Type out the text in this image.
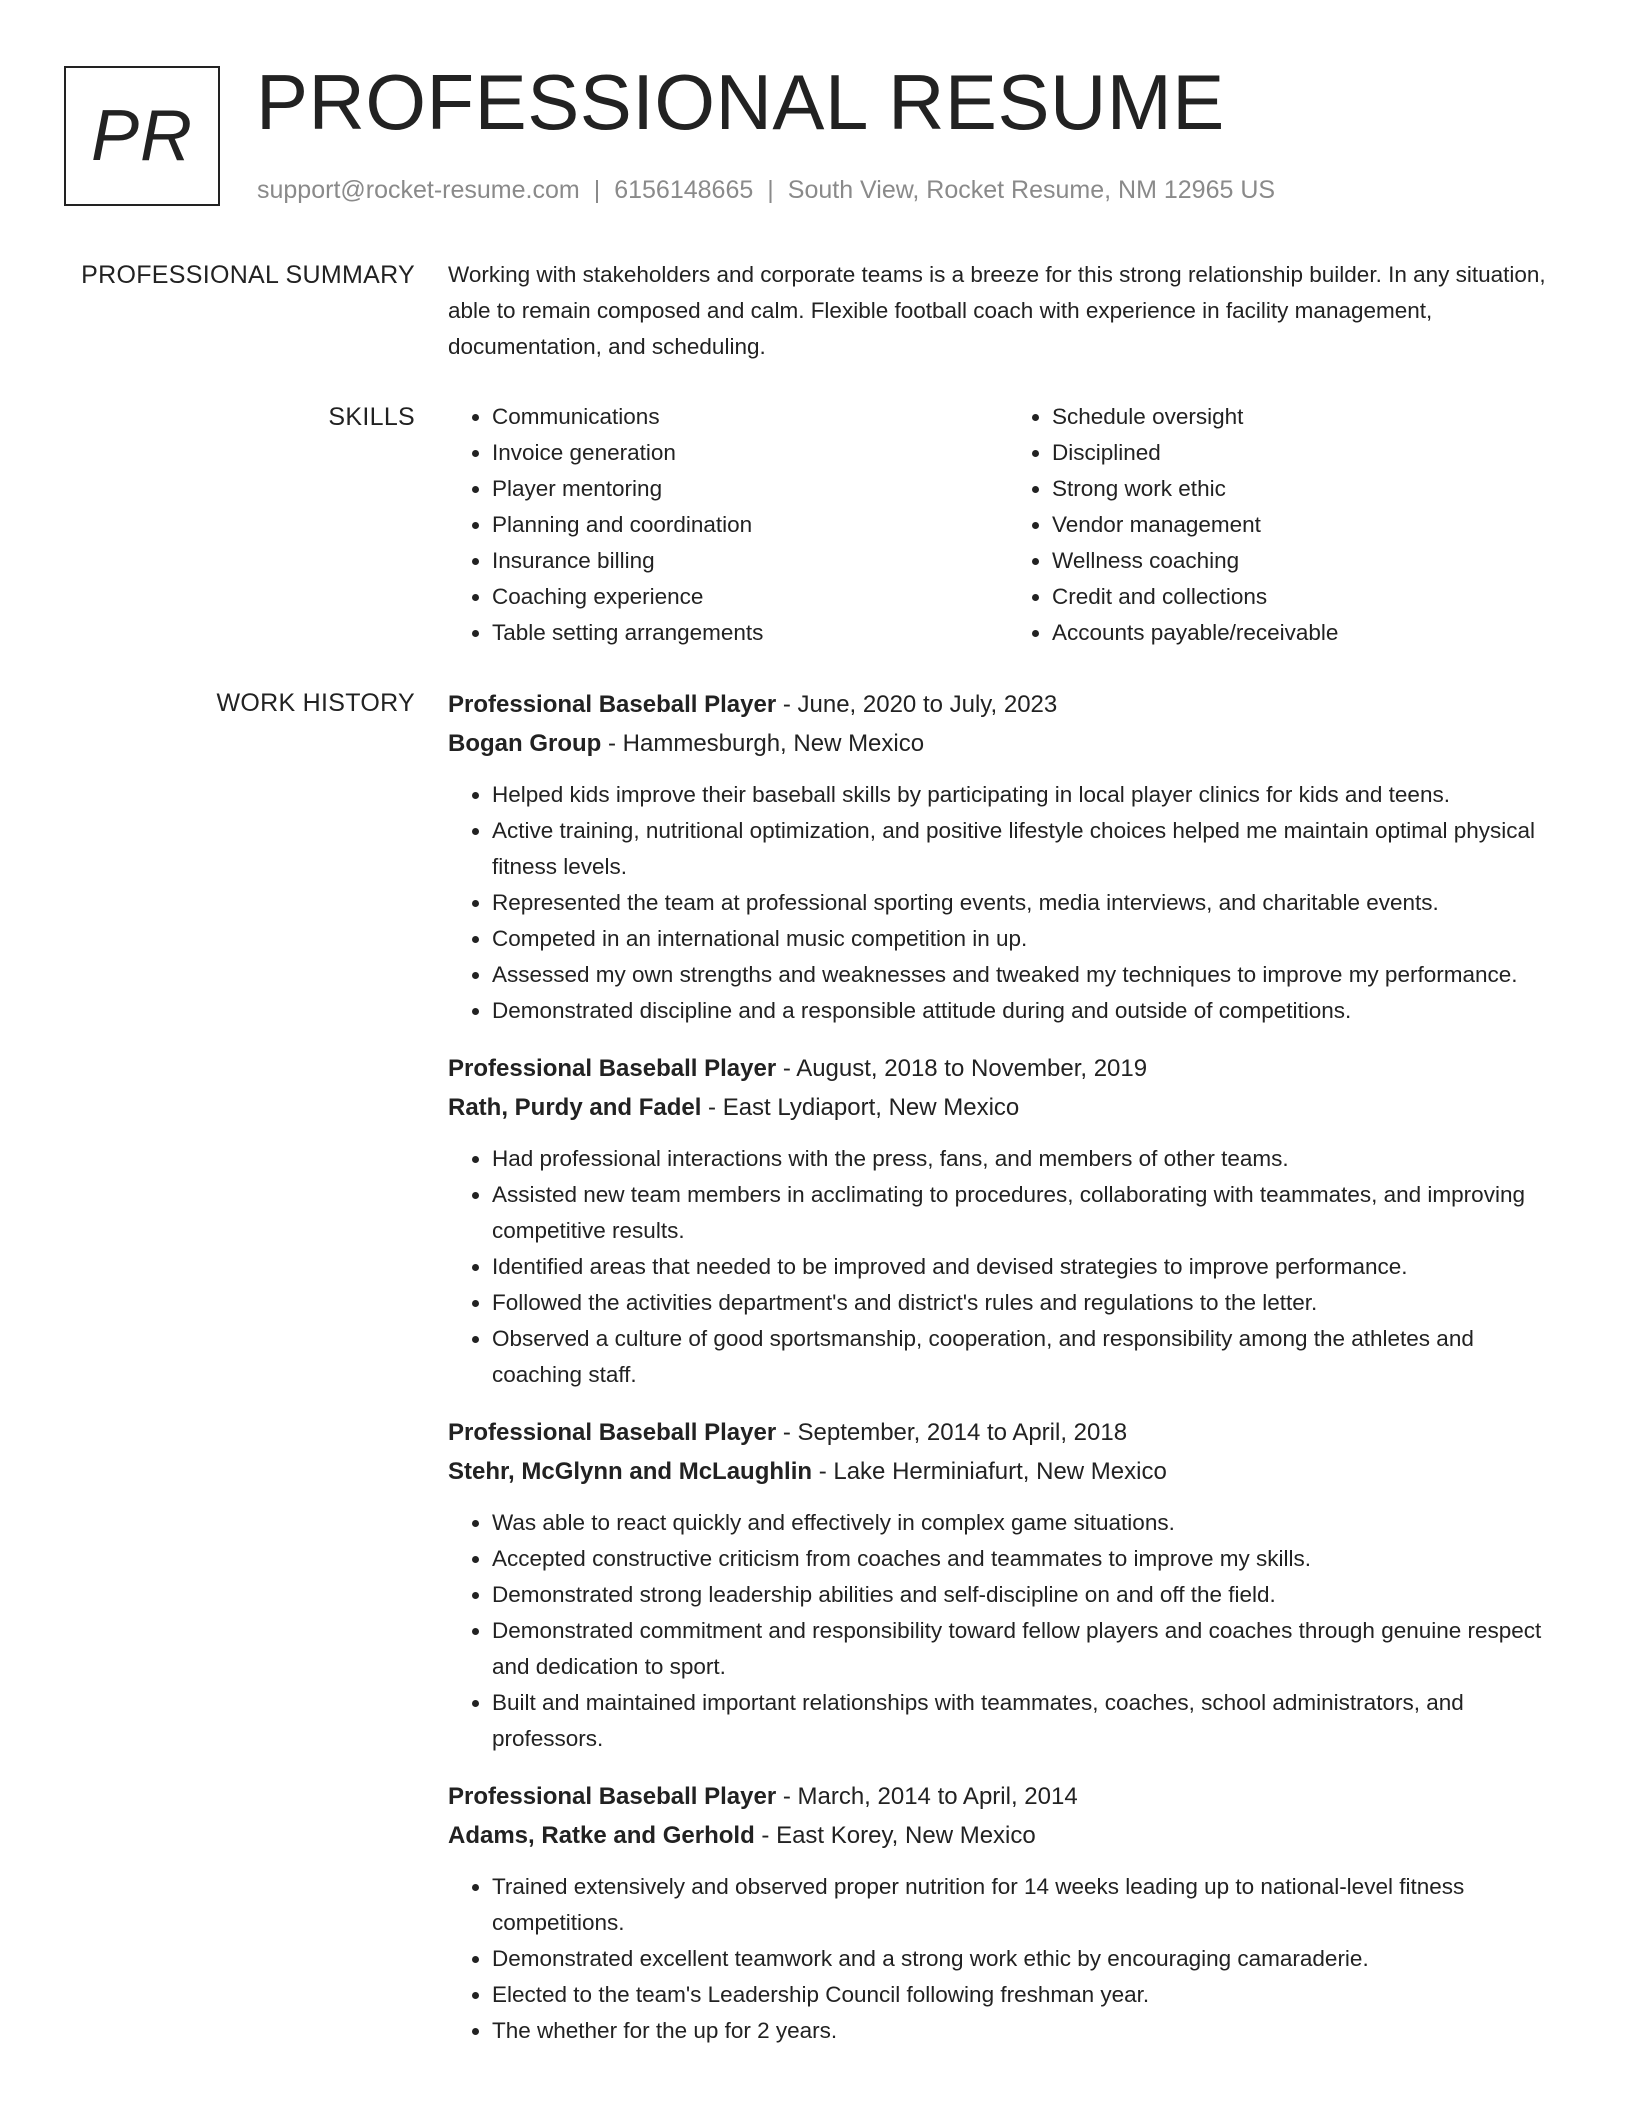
PR PROFESSIONAL RESUME
support@rocket-resume.com | 6156148665 | South View, Rocket Resume, NM 12965 US
PROFESSIONAL SUMMARY Working with stakeholders and corporate teams is a breeze for this strong relationship builder. In any situation, able to remain composed and calm. Flexible football coach with experience in facility management, documentation, and scheduling.

SKILLS
•	Communications
• Invoice generation
• Player mentoring
• Planning and coordination
• Insurance billing
• Coaching experience
• Table setting arrangements
• Schedule oversight
• Disciplined
• Strong work ethic
• Vendor management
• Wellness coaching
• Credit and collections
• Accounts payable/receivable
WORK HISTORY Professional Baseball Player - June, 2020 to July, 2023

Bogan Group - Hammesburgh, New Mexico

• Helped kids improve their baseball skills by participating in local player clinics for kids and teens.
• Active training, nutritional optimization, and positive lifestyle choices helped me maintain optimal physical fitness levels.
• Represented the team at professional sporting events, media interviews, and charitable events.
• Competed in an international music competition in up.
• Assessed my own strengths and weaknesses and tweaked my techniques to improve my performance.
• Demonstrated discipline and a responsible attitude during and outside of competitions.

Professional Baseball Player - August, 2018 to November, 2019

Rath, Purdy and Fadel - East Lydiaport, New Mexico

• Had professional interactions with the press, fans, and members of other teams.
• Assisted new team members in acclimating to procedures, collaborating with teammates, and improving competitive results.
• Identified areas that needed to be improved and devised strategies to improve performance.
• Followed the activities department's and district's rules and regulations to the letter.
• Observed a culture of good sportsmanship, cooperation, and responsibility among the athletes and coaching staff.

Professional Baseball Player - September, 2014 to April, 2018

Stehr, McGlynn and McLaughlin - Lake Herminiafurt, New Mexico

• Was able to react quickly and effectively in complex game situations.
• Accepted constructive criticism from coaches and teammates to improve my skills.
• Demonstrated strong leadership abilities and self-discipline on and off the field.
• Demonstrated commitment and responsibility toward fellow players and coaches through genuine respect and dedication to sport.
• Built and maintained important relationships with teammates, coaches, school administrators, and professors.

Professional Baseball Player - March, 2014 to April, 2014

Adams, Ratke and Gerhold - East Korey, New Mexico

• Trained extensively and observed proper nutrition for 14 weeks leading up to national-level fitness competitions.
• Demonstrated excellent teamwork and a strong work ethic by encouraging camaraderie.
• Elected to the team's Leadership Council following freshman year.
• The whether for the up for 2 years.
